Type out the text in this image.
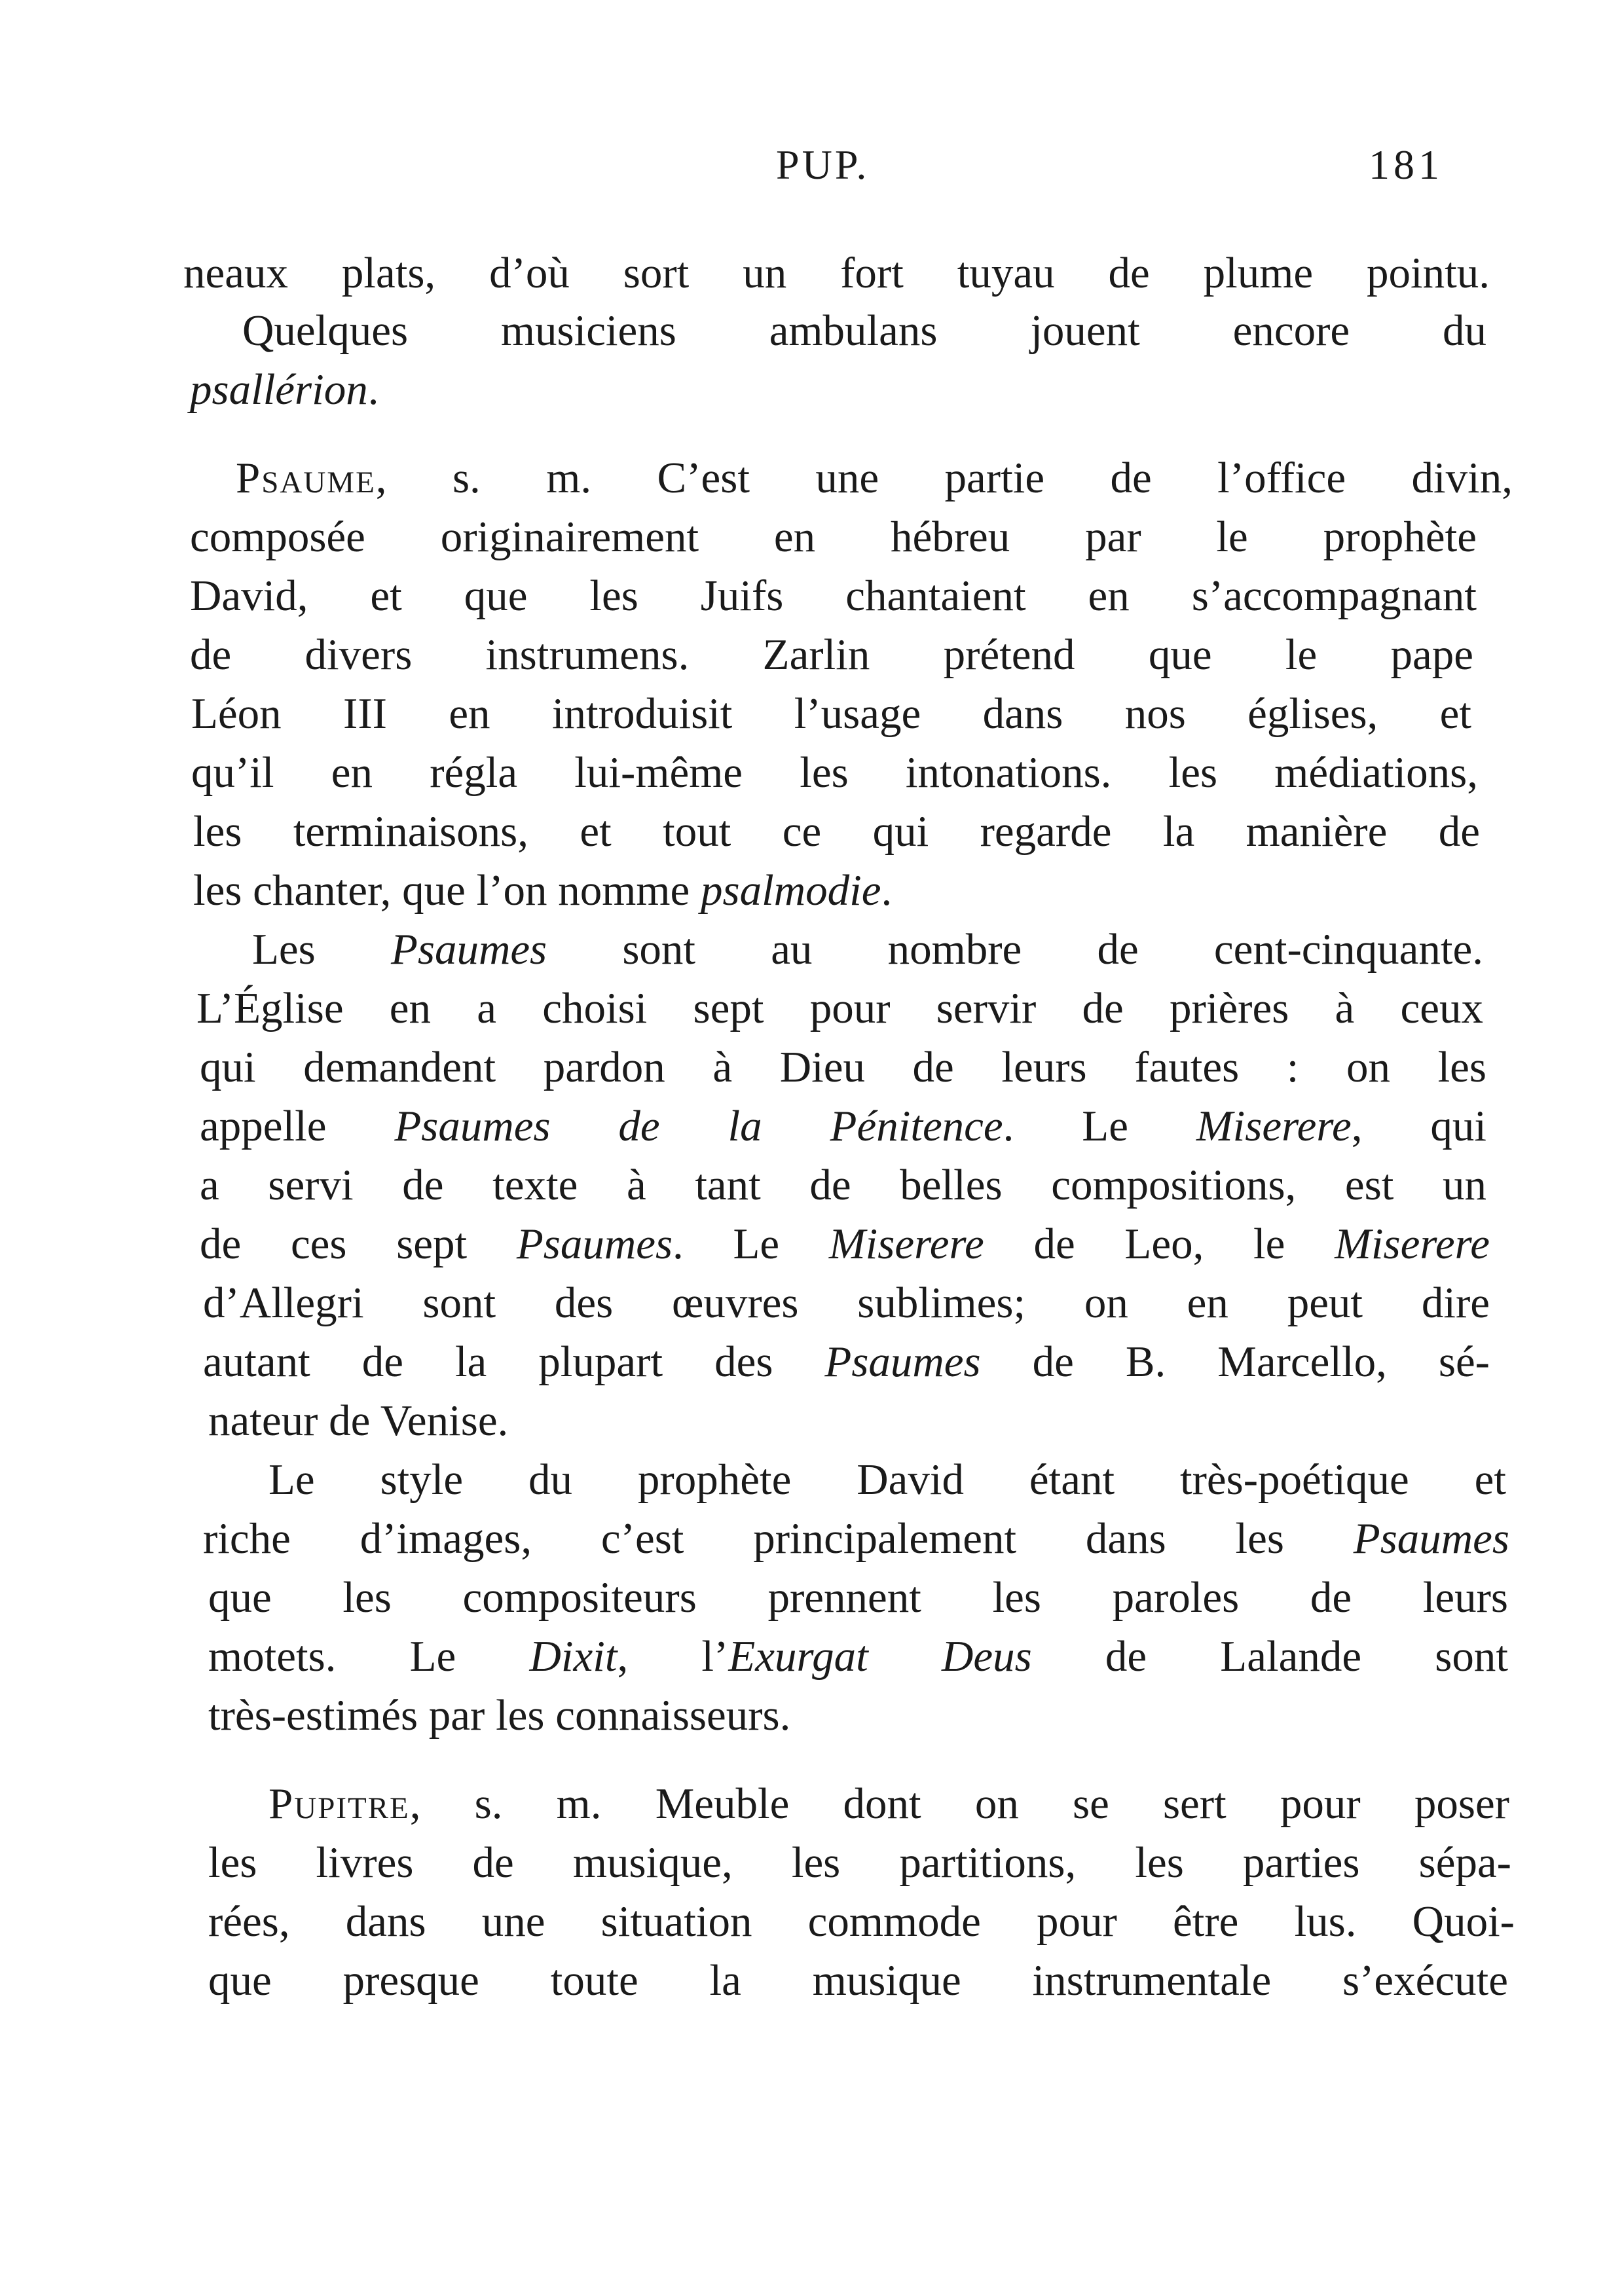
PUP.	181
neaux plats, d’où sort un fort tuyau de plume pointu.
Quelques musiciens ambulans jouent encore du
psallérion.
Psaume, s. m. C’est une partie de l’office divin,
composée originairement en hébreu par le prophète
David, et que les Juifs chantaient en s’accompagnant
de divers instrumens. Zarlin prétend que le pape
Léon III en introduisit l’usage dans nos églises, et
qu’il en régla lui-même les intonations. les médiations,
les terminaisons, et tout ce qui regarde la manière de
les chanter, que l’on nomme psalmodie.
Les Psaumes sont au nombre de cent-cinquante.
L’Église en a choisi sept pour servir de prières à ceux
qui demandent pardon à Dieu de leurs fautes : on les
appelle Psaumes de la Pénitence. Le Miserere, qui
a servi de texte à tant de belles compositions, est un
de ces sept Psaumes. Le Miserere de Leo, le Miserere
d’Allegri sont des œuvres sublimes; on en peut dire
autant de la plupart des Psaumes de B. Marcello, sé-
nateur de Venise.
Le style du prophète David étant très-poétique et
riche d’images, c’est principalement dans les Psaumes
que les compositeurs prennent les paroles de leurs
motets. Le Dixit, l’Exurgat Deus de Lalande sont
très-estimés par les connaisseurs.
Pupitre, s. m. Meuble dont on se sert pour poser
les livres de musique, les partitions, les parties sépa-
rées, dans une situation commode pour être lus. Quoi-
que presque toute la musique instrumentale s’exécute
